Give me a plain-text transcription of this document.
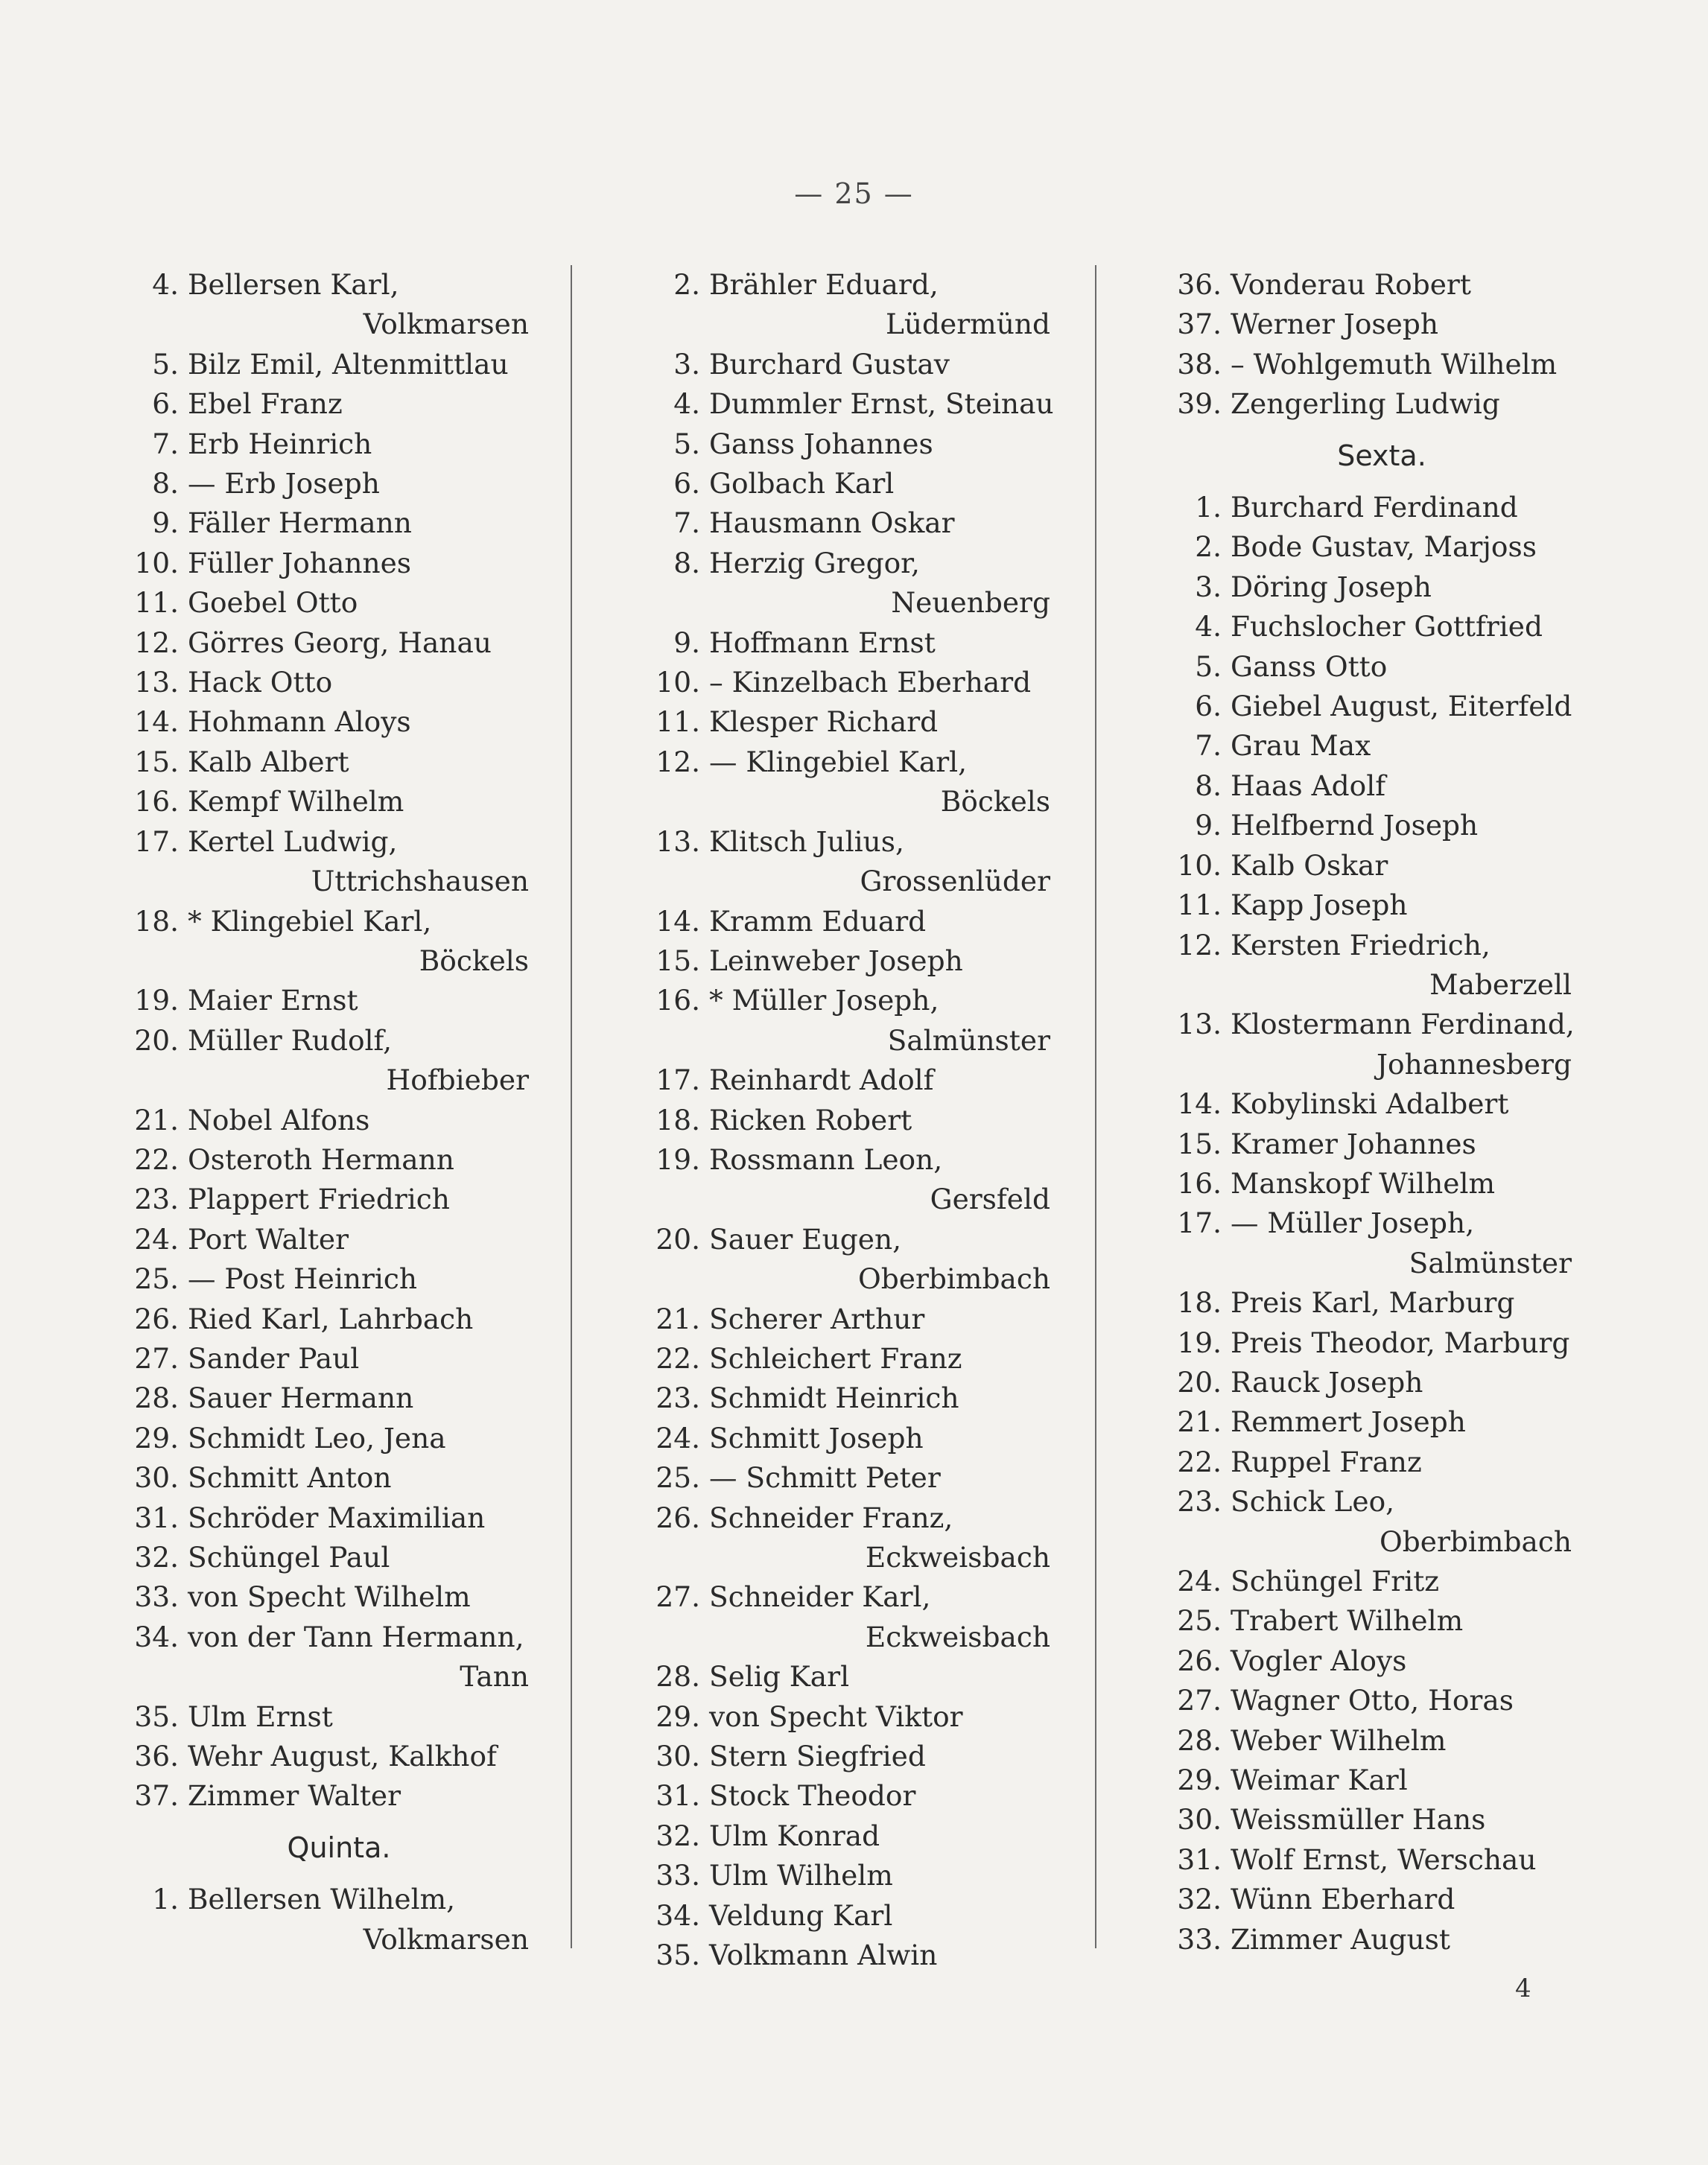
— 25 —
4. Bellersen Karl,
Volkmarsen
5. Bilz Emil, Altenmittlau
6. Ebel Franz
7. Erb Heinrich
8. — Erb Joseph
9. Fäller Hermann
10. Füller Johannes
11. Goebel Otto
12. Görres Georg, Hanau
13. Hack Otto
14. Hohmann Aloys
15. Kalb Albert
16. Kempf Wilhelm
17. Kertel Ludwig,
Uttrichshausen
18. * Klingebiel Karl,
Böckels
19. Maier Ernst
20. Müller Rudolf,
Hofbieber
21. Nobel Alfons
22. Osteroth Hermann
23. Plappert Friedrich
24. Port Walter
25. — Post Heinrich
26. Ried Karl, Lahrbach
27. Sander Paul
28. Sauer Hermann
29. Schmidt Leo, Jena
30. Schmitt Anton
31. Schröder Maximilian
32. Schüngel Paul
33. von Specht Wilhelm
34. von der Tann Hermann,
Tann
35. Ulm Ernst
36. Wehr August, Kalkhof
37. Zimmer Walter
Quinta.
1. Bellersen Wilhelm,
Volkmarsen
2. Brähler Eduard,
Lüdermünd
3. Burchard Gustav
4. Dummler Ernst, Steinau
5. Ganss Johannes
6. Golbach Karl
7. Hausmann Oskar
8. Herzig Gregor,
Neuenberg
9. Hoffmann Ernst
10. – Kinzelbach Eberhard
11. Klesper Richard
12. — Klingebiel Karl,
Böckels
13. Klitsch Julius,
Grossenlüder
14. Kramm Eduard
15. Leinweber Joseph
16. * Müller Joseph,
Salmünster
17. Reinhardt Adolf
18. Ricken Robert
19. Rossmann Leon,
Gersfeld
20. Sauer Eugen,
Oberbimbach
21. Scherer Arthur
22. Schleichert Franz
23. Schmidt Heinrich
24. Schmitt Joseph
25. — Schmitt Peter
26. Schneider Franz,
Eckweisbach
27. Schneider Karl,
Eckweisbach
28. Selig Karl
29. von Specht Viktor
30. Stern Siegfried
31. Stock Theodor
32. Ulm Konrad
33. Ulm Wilhelm
34. Veldung Karl
35. Volkmann Alwin
36. Vonderau Robert
37. Werner Joseph
38. – Wohlgemuth Wilhelm
39. Zengerling Ludwig
Sexta.
1. Burchard Ferdinand
2. Bode Gustav, Marjoss
3. Döring Joseph
4. Fuchslocher Gottfried
5. Ganss Otto
6. Giebel August, Eiterfeld
7. Grau Max
8. Haas Adolf
9. Helfbernd Joseph
10. Kalb Oskar
11. Kapp Joseph
12. Kersten Friedrich,
Maberzell
13. Klostermann Ferdinand,
Johannesberg
14. Kobylinski Adalbert
15. Kramer Johannes
16. Manskopf Wilhelm
17. — Müller Joseph,
Salmünster
18. Preis Karl, Marburg
19. Preis Theodor, Marburg
20. Rauck Joseph
21. Remmert Joseph
22. Ruppel Franz
23. Schick Leo,
Oberbimbach
24. Schüngel Fritz
25. Trabert Wilhelm
26. Vogler Aloys
27. Wagner Otto, Horas
28. Weber Wilhelm
29. Weimar Karl
30. Weissmüller Hans
31. Wolf Ernst, Werschau
32. Wünn Eberhard
33. Zimmer August
4
